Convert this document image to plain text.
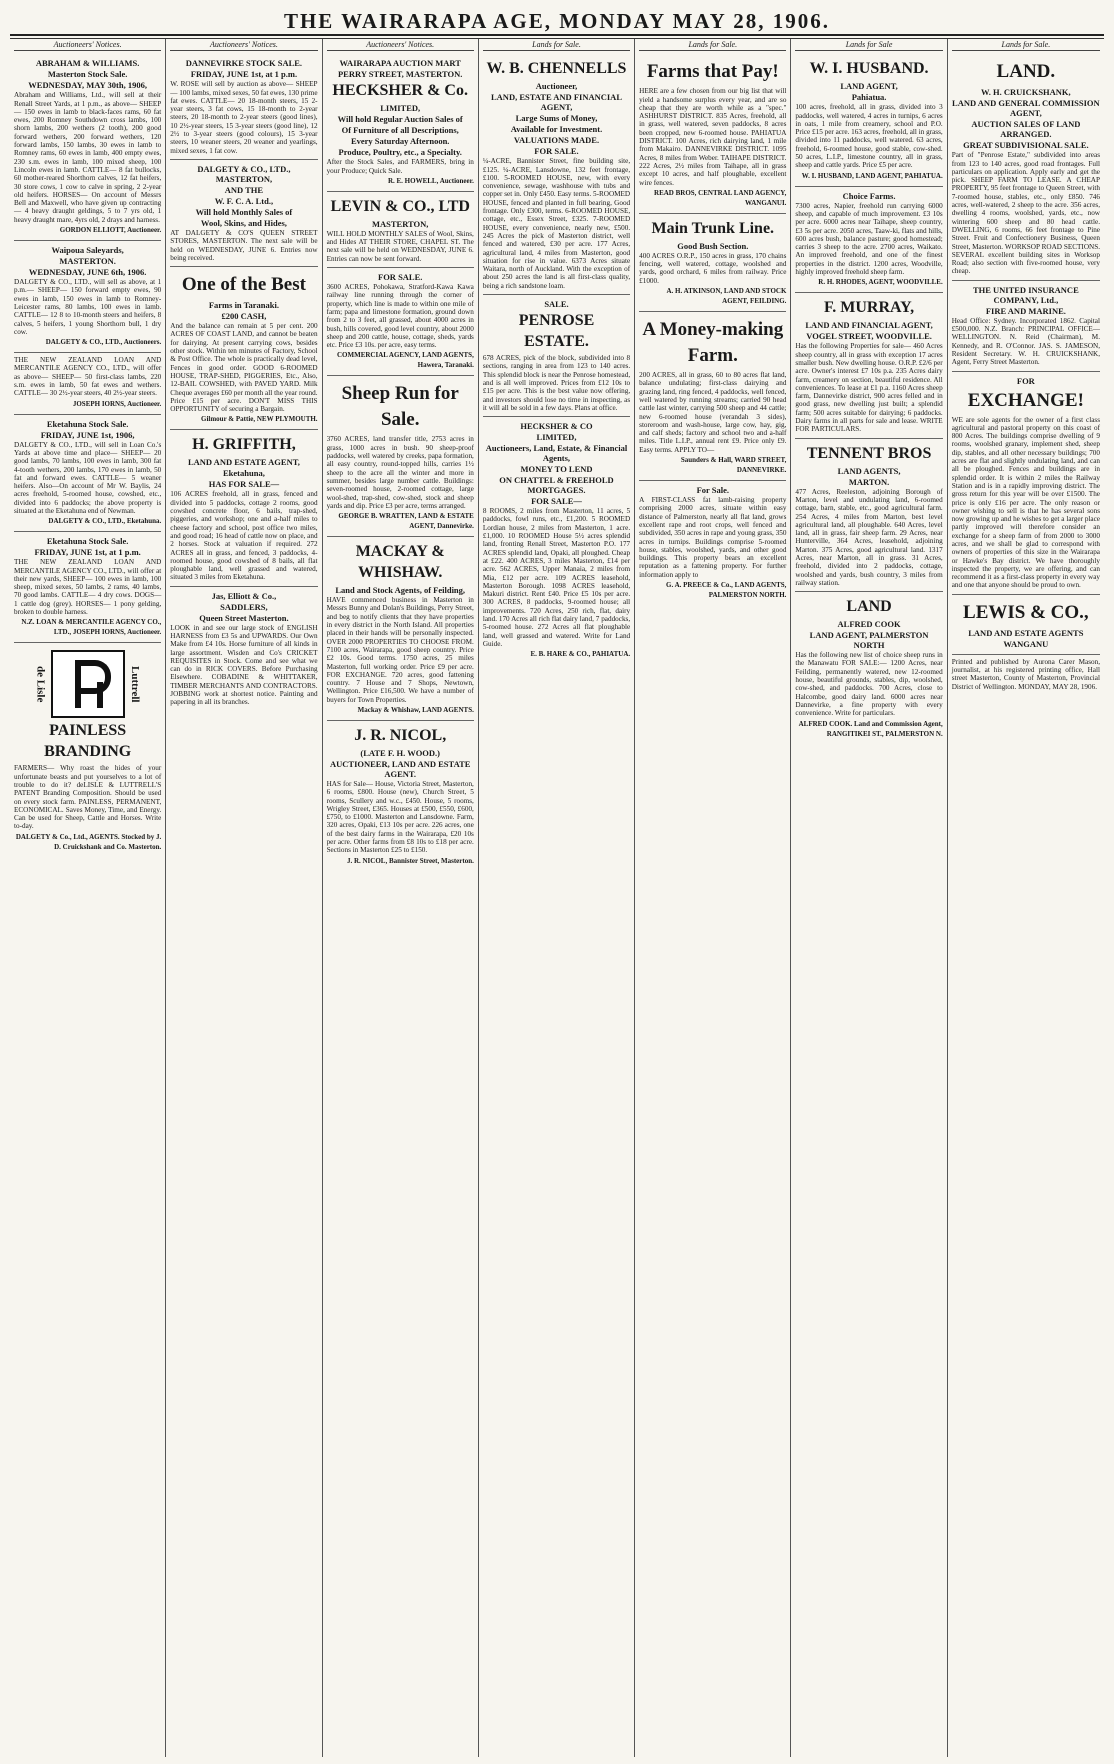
THE WAIRARAPA AGE, MONDAY MAY 28, 1906.
Auctioneers' Notices.
ABRAHAM & WILLIAMS.
Masterton Stock Sale.
WEDNESDAY, MAY 30th, 1906,
Abraham and Williams, Ltd., will sell at their Renall Street Yards, at 1 p.m., as above— SHEEP— 150 ewes in lamb to black-faces rams, 60 fat ewes, 200 Romney Southdown cross lambs, 100 shorn lambs, 200 wethers (2 tooth), 200 good forward wethers, 200 forward wethers, 120 forward lambs, 150 lambs, 30 ewes in lamb to Romney rams, 60 ewes in lamb, 400 empty ewes, 230 s.m. ewes in lamb, 100 mixed sheep, 100 Lincoln ewes in lamb. CATTLE— 8 fat bullocks, 60 mother-reared Shorthorn calves, 12 fat heifers, 30 store cows, 1 cow to calve in spring, 2 2-year old heifers. HORSES— On account of Messrs Bell and Maxwell, who have given up contracting— 4 heavy draught geldings, 5 to 7 yrs old, 1 heavy draught mare, 4yrs old, 2 drays and harness.
GORDON ELLIOTT, Auctioneer.
Waipoua Saleyards,
MASTERTON.
WEDNESDAY, JUNE 6th, 1906.
DALGETY & CO., LTD., will sell as above, at 1 p.m.— SHEEP— 150 forward empty ewes, 90 ewes in lamb, 150 ewes in lamb to Romney-Leicester rams, 80 lambs, 100 ewes in lamb. CATTLE— 12 8 to 10-month steers and heifers, 8 calves, 5 heifers, 1 young Shorthorn bull, 1 dry cow.
DALGETY & CO., LTD., Auctioneers.
THE NEW ZEALAND LOAN AND MERCANTILE AGENCY CO., LTD., will offer as above— SHEEP— 50 first-class lambs, 220 s.m. ewes in lamb, 50 fat ewes and wethers. CATTLE— 30 2½-year steers, 40 2½-year steers.
JOSEPH IORNS, Auctioneer.
Eketahuna Stock Sale.
FRIDAY, JUNE 1st, 1906,
DALGETY & CO., LTD., will sell in Loan Co.'s Yards at above time and place— SHEEP— 20 good lambs, 70 lambs, 100 ewes in lamb, 300 fat 4-tooth wethers, 200 lambs, 170 ewes in lamb, 50 fat and forward ewes. CATTLE— 5 weaner heifers. Also—On account of Mr W. Baylis, 24 acres freehold, 5-roomed house, cowshed, etc., divided into 6 paddocks; the above property is situated at the Eketahuna end of Newman.
DALGETY & CO., LTD., Eketahuna.
Eketahuna Stock Sale.
FRIDAY, JUNE 1st, at 1 p.m.
THE NEW ZEALAND LOAN AND MERCANTILE AGENCY CO., LTD., will offer at their new yards, SHEEP— 100 ewes in lamb, 100 sheep, mixed sexes, 50 lambs, 2 rams, 40 lambs, 70 good lambs. CATTLE— 4 dry cows. DOGS— 1 cattle dog (grey). HORSES— 1 pony gelding, broken to double harness.
N.Z. LOAN & MERCANTILE AGENCY CO., LTD., JOSEPH IORNS, Auctioneer.
de Lisle	Luttrell
PAINLESS
BRANDING
FARMERS— Why roast the hides of your unfortunate beasts and put yourselves to a lot of trouble to do it? deLISLE & LUTTRELL'S PATENT Branding Composition. Should be used on every stock farm. PAINLESS, PERMANENT, ECONOMICAL. Saves Money, Time, and Energy. Can be used for Sheep, Cattle and Horses. Write to-day.
DALGETY & Co., Ltd., AGENTS. Stocked by J. D. Cruickshank and Co. Masterton.
Auctioneers' Notices.
DANNEVIRKE STOCK SALE.
FRIDAY, JUNE 1st, at 1 p.m.
W. ROSE will sell by auction as above— SHEEP— 100 lambs, mixed sexes, 50 fat ewes, 130 prime fat ewes. CATTLE— 20 18-month steers, 15 2-year steers, 3 fat cows, 15 18-month to 2-year steers, 20 18-month to 2-year steers (good lines), 10 2½-year steers, 15 3-year steers (good line), 12 2½ to 3-year steers (good colours), 15 3-year steers, 10 weaner steers, 20 weaner and yearlings, mixed sexes, 1 fat cow.
DALGETY & CO., LTD., MASTERTON,
AND THE
W. F. C. A. Ltd.,
Will hold Monthly Sales of
Wool, Skins, and Hides,
AT DALGETY & CO'S QUEEN STREET STORES, MASTERTON. The next sale will be held on WEDNESDAY, JUNE 6. Entries now being received.
One of the Best
Farms in Taranaki.
£200 CASH,
And the balance can remain at 5 per cent. 200 ACRES OF COAST LAND, and cannot be beaten for dairying. At present carrying cows, besides other stock. Within ten minutes of Factory, School & Post Office. The whole is practically dead level, Fences in good order. GOOD 6-ROOMED HOUSE, TRAP-SHED, PIGGERIES, Etc., Also, 12-BAIL COWSHED, with PAVED YARD. Milk Cheque averages £60 per month all the year round. Price £15 per acre. DON'T MISS THIS OPPORTUNITY of securing a Bargain.
Gilmour & Pattie, NEW PLYMOUTH.
H. GRIFFITH,
LAND AND ESTATE AGENT,
Eketahuna,
HAS FOR SALE—
106 ACRES freehold, all in grass, fenced and divided into 5 paddocks, cottage 2 rooms, good cowshed concrete floor, 6 bails, trap-shed, piggeries, and workshop; one and a-half miles to cheese factory and school, post office two miles, and good road; 16 head of cattle now on place, and 2 horses. Stock at valuation if required. 272 ACRES all in grass, and fenced, 3 paddocks, 4-roomed house, good cowshed of 8 bails, all flat ploughable land, well grassed and watered, situated 3 miles from Eketahuna.
Jas, Elliott & Co.,
SADDLERS,
Queen Street Masterton.
LOOK in and see our large stock of ENGLISH HARNESS from £3 5s and UPWARDS. Our Own Make from £4 10s. Horse furniture of all kinds in large assortment. Wisden and Co's CRICKET REQUISITES in Stock. Come and see what we can do in RICK COVERS. Before Purchasing Elsewhere. COBADINE & WHITTAKER, TIMBER MERCHANTS AND CONTRACTORS. JOBBING work at shortest notice. Painting and papering in all its branches.
Auctioneers' Notices.
WAIRARAPA AUCTION MART
PERRY STREET, MASTERTON.
HECKSHER & Co.
LIMITED,
Will hold Regular Auction Sales of
Of Furniture of all Descriptions,
Every Saturday Afternoon.
Produce, Poultry, etc., a Specialty.
After the Stock Sales, and FARMERS, bring in your Produce; Quick Sale.
R. E. HOWELL, Auctioneer.
LEVIN & CO., LTD
MASTERTON,
WILL HOLD MONTHLY SALES of Wool, Skins, and Hides AT THEIR STORE, CHAPEL ST. The next sale will be held on WEDNESDAY, JUNE 6. Entries can now be sent forward.
FOR SALE.
3600 ACRES, Pohokawa, Stratford-Kawa Kawa railway line running through the corner of property, which line is made to within one mile of farm; papa and limestone formation, ground down from 2 to 3 feet, all grassed, about 4000 acres in bush, hills covered, good level country, about 2000 sheep and 200 cattle, house, cottage, sheds, yards etc. Price £3 10s. per acre, easy terms.
COMMERCIAL AGENCY, LAND AGENTS, Hawera, Taranaki.
Sheep Run for
Sale.
3760 ACRES, land transfer title, 2753 acres in grass, 1000 acres in bush. 90 sheep-proof paddocks, well watered by creeks, papa formation, all easy country, round-topped hills, carries 1½ sheep to the acre all the winter and more in summer, besides large number cattle. Buildings: seven-roomed house, 2-roomed cottage, large wool-shed, trap-shed, cow-shed, stock and sheep yards and dip. Price £3 per acre, terms arranged.
GEORGE B. WRATTEN, LAND & ESTATE AGENT, Dannevirke.
MACKAY &
WHISHAW.
Land and Stock Agents, of Feilding,
HAVE commenced business in Masterton in Messrs Bunny and Dolan's Buildings, Perry Street, and beg to notify clients that they have properties in every district in the North Island. All properties placed in their hands will be personally inspected. OVER 2000 PROPERTIES TO CHOOSE FROM. 7100 acres, Wairarapa, good sheep country. Price £2 10s. Good terms. 1750 acres, 25 miles Masterton, full working order. Price £9 per acre. FOR EXCHANGE. 720 acres, good fattening country. 7 House and 7 Shops, Newtown, Wellington. Price £16,500. We have a number of buyers for Town Properties.
Mackay & Whishaw, LAND AGENTS.
J. R. NICOL,
(LATE F. H. WOOD.)
AUCTIONEER, LAND AND ESTATE AGENT.
HAS for Sale— House, Victoria Street, Masterton, 6 rooms, £800. House (new), Church Street, 5 rooms, Scullery and w.c., £450. House, 5 rooms, Wrigley Street, £365. Houses at £500, £550, £600, £750, to £1000. Masterton and Lansdowne. Farm, 320 acres, Opaki, £13 10s per acre. 226 acres, one of the best dairy farms in the Wairarapa, £20 10s per acre. Other farms from £8 10s to £18 per acre. Sections in Masterton £25 to £150.
J. R. NICOL, Bannister Street, Masterton.
Lands for Sale.
W. B. CHENNELLS
Auctioneer,
LAND, ESTATE AND FINANCIAL AGENT,
Large Sums of Money,
Available for Investment.
VALUATIONS MADE.
FOR SALE.
¼-ACRE, Bannister Street, fine building site, £125. ¼-ACRE, Lansdowne, 132 feet frontage, £100. 5-ROOMED HOUSE, new, with every convenience, sewage, washhouse with tubs and copper set in. Only £450. Easy terms. 5-ROOMED HOUSE, fenced and planted in full bearing, Good frontage. Only £300, terms. 6-ROOMED HOUSE, cottage, etc., Essex Street, £325. 7-ROOMED HOUSE, every convenience, nearly new, £500. 245 Acres the pick of Masterton district, well fenced and watered, £30 per acre. 177 Acres, agricultural land, 4 miles from Masterton, good situation for rise in value. 6373 Acres situate Waitara, north of Auckland. With the exception of about 250 acres the land is all first-class quality, being a rich sandstone loam.
SALE.
PENROSE
ESTATE.
678 ACRES, pick of the block, subdivided into 8 sections, ranging in area from 123 to 140 acres. This splendid block is near the Penrose homestead, and is all well improved. Prices from £12 10s to £15 per acre. This is the best value now offering, and investors should lose no time in inspecting, as it will all be sold in a few days. Plans at office.
HECKSHER & CO
LIMITED,
Auctioneers, Land, Estate, & Financial Agents,
MONEY TO LEND
ON CHATTEL & FREEHOLD MORTGAGES.
FOR SALE—
8 ROOMS, 2 miles from Masterton, 11 acres, 5 paddocks, fowl runs, etc., £1,200. 5 ROOMED Lordian house, 2 miles from Masterton, 1 acre. £1,000. 10 ROOMED House 5½ acres splendid land, fronting Renall Street, Masterton P.O. 177 ACRES splendid land, Opaki, all ploughed. Cheap at £22. 400 ACRES, 3 miles Masterton, £14 per acre. 562 ACRES, Upper Manaia, 2 miles from Mia, £12 per acre. 109 ACRES leasehold, Masterton Borough. 1098 ACRES leasehold, Makuri district. Rent £40. Price £5 10s per acre. 300 ACRES, 8 paddocks, 9-roomed house; all improvements. 720 Acres, 250 rich, flat, dairy land. 170 Acres all rich flat dairy land, 7 paddocks, 5-roomed house. 272 Acres all flat ploughable land, well grassed and watered. Write for Land Guide.
E. B. HARE & CO., PAHIATUA.
Lands for Sale.
Farms that Pay!
HERE are a few chosen from our big list that will yield a handsome surplus every year, and are so cheap that they are worth while as a "spec." ASHHURST DISTRICT. 835 Acres, freehold, all in grass, well watered, seven paddocks, 8 acres been cropped, new 6-roomed house. PAHIATUA DISTRICT. 100 Acres, rich dairying land, 1 mile from Makairo. DANNEVIRKE DISTRICT. 1095 Acres, 8 miles from Weber. TAIHAPE DISTRICT. 222 Acres, 2½ miles from Taihape, all in grass except 10 acres, and half ploughable, excellent wire fences.
READ BROS, CENTRAL LAND AGENCY, WANGANUI.
Main Trunk Line.
Good Bush Section.
400 ACRES O.R.P., 150 acres in grass, 170 chains fencing, well watered, cottage, woolshed and yards, good orchard, 6 miles from railway. Price £1000.
A. H. ATKINSON, LAND AND STOCK AGENT, FEILDING.
A Money-making
Farm.
200 ACRES, all in grass, 60 to 80 acres flat land, balance undulating; first-class dairying and grazing land, ring fenced, 4 paddocks, well fenced, well watered by running streams; carried 90 head cattle last winter, carrying 500 sheep and 44 cattle; new 6-roomed house (verandah 3 sides), storeroom and wash-house, large cow, hay, gig, and calf sheds; factory and school two and a-half miles. Title L.I.P., annual rent £9. Price only £9. Easy terms. APPLY TO—
Saunders & Hall, WARD STREET, DANNEVIRKE.
For Sale.
A FIRST-CLASS fat lamb-raising property comprising 2000 acres, situate within easy distance of Palmerston, nearly all flat land, grows excellent rape and root crops, well fenced and subdivided, 350 acres in rape and young grass, 350 acres in turnips. Buildings comprise 5-roomed house, stables, woolshed, yards, and other good buildings. This property bears an excellent reputation as a fattening property. For further information apply to
G. A. PREECE & Co., LAND AGENTS, PALMERSTON NORTH.
Lands for Sale
W. I. HUSBAND.
LAND AGENT,
Pahiatua.
100 acres, freehold, all in grass, divided into 3 paddocks, well watered, 4 acres in turnips, 6 acres in oats, 1 mile from creamery, school and P.O. Price £15 per acre. 163 acres, freehold, all in grass, divided into 11 paddocks, well watered. 63 acres, freehold, 6-roomed house, good stable, cow-shed. 50 acres, L.I.P., limestone country, all in grass, sheep and cattle yards. Price £5 per acre.
W. I. HUSBAND, LAND AGENT, PAHIATUA.
Choice Farms.
7300 acres, Napier, freehold run carrying 6000 sheep, and capable of much improvement. £3 10s per acre. 6000 acres near Taihape, sheep country, £3 5s per acre. 2050 acres, Taaw-ki, flats and hills, 600 acres bush, balance pasture; good homestead; carries 3 sheep to the acre. 2700 acres, Waikato. An improved freehold, and one of the finest properties in the district. 1200 acres, Woodville, highly improved freehold sheep farm.
R. H. RHODES, AGENT, WOODVILLE.
F. MURRAY,
LAND AND FINANCIAL AGENT,
VOGEL STREET, WOODVILLE.
Has the following Properties for sale— 460 Acres sheep country, all in grass with exception 17 acres smaller bush. New dwelling house. O.R.P. £2/6 per acre. Owner's interest £7 10s p.a. 235 Acres dairy farm, creamery on section, beautiful residence. All conveniences. To lease at £1 p.a. 1160 Acres sheep farm, Dannevirke district, 900 acres felled and in good grass, new dwelling just built; a splendid farm; 500 acres suitable for dairying; 6 paddocks. Dairy farms in all parts for sale and lease. WRITE FOR PARTICULARS.
TENNENT BROS
LAND AGENTS,
MARTON.
477 Acres, Reeleston, adjoining Borough of Marton, level and undulating land, 6-roomed cottage, barn, stable, etc., good agricultural farm. 254 Acres, 4 miles from Marton, best level agricultural land, all ploughable. 640 Acres, level land, all in grass, fair sheep farm. 29 Acres, near Hunterville, 364 Acres, leasehold, adjoining Marton. 375 Acres, good agricultural land. 1317 Acres, near Marton, all in grass. 31 Acres, freehold, divided into 2 paddocks, cottage, woolshed and yards, bush country, 3 miles from railway station.
LAND
ALFRED COOK
LAND AGENT, PALMERSTON NORTH
Has the following new list of choice sheep runs in the Manawatu FOR SALE:— 1200 Acres, near Feilding, permanently watered, new 12-roomed house, beautiful grounds, stables, dip, woolshed, cow-shed, and paddocks. 700 Acres, close to Halcombe, good dairy land. 6000 acres near Dannevirke, a fine property with every convenience. Write for particulars.
ALFRED COOK. Land and Commission Agent, RANGITIKEI ST., PALMERSTON N.
Lands for Sale.
LAND.
W. H. CRUICKSHANK,
LAND AND GENERAL COMMISSION AGENT,
AUCTION SALES OF LAND ARRANGED.
GREAT SUBDIVISIONAL SALE.
Part of "Penrose Estate," subdivided into areas from 123 to 140 acres, good road frontages. Full particulars on application. Apply early and get the pick. SHEEP FARM TO LEASE. A CHEAP PROPERTY, 95 feet frontage to Queen Street, with 7-roomed house, stables, etc., only £850. 746 acres, well-watered, 2 sheep to the acre. 356 acres, dwelling 4 rooms, woolshed, yards, etc., now wintering 600 sheep and 80 head cattle. DWELLING, 6 rooms, 66 feet frontage to Pine Street. Fruit and Confectionery Business, Queen Street, Masterton. WORKSOP ROAD SECTIONS. SEVERAL excellent building sites in Worksop Road; also section with five-roomed house, very cheap.
THE UNITED INSURANCE COMPANY, Ltd.,
FIRE AND MARINE.
Head Office: Sydney. Incorporated 1862. Capital £500,000. N.Z. Branch: PRINCIPAL OFFICE—WELLINGTON. N. Reid (Chairman), M. Kennedy, and R. O'Connor. JAS. S. JAMESON, Resident Secretary. W. H. CRUICKSHANK, Agent, Ferry Street Masterton.
FOR
EXCHANGE!
WE are sole agents for the owner of a first class agricultural and pastoral property on this coast of 800 Acres. The buildings comprise dwelling of 9 rooms, woolshed granary, implement shed, sheep dip, stables, and all other necessary buildings; 700 acres are flat and slightly undulating land, and can all be ploughed. Fences and buildings are in splendid order. It is within 2 miles the Railway Station and is in a rapidly improving district. The gross return for this year will be over £1500. The price is only £16 per acre. The only reason or owner wishing to sell is that he has several sons now growing up and he wishes to get a larger place partly improved will therefore consider an exchange for a sheep farm of from 2000 to 3000 acres, and we shall be glad to correspond with owners of properties of this size in the Wairarapa or Hawke's Bay district. We have thoroughly inspected the property, we are offering, and can recommend it as a first-class property in every way and one that anyone should be proud to own.
LEWIS & CO.,
LAND AND ESTATE AGENTS
WANGANU
Printed and published by Aurona Carer Mason, journalist, at his registered printing office, Hall street Masterton, County of Masterton, Provincial District of Wellington. MONDAY, MAY 28, 1906.
